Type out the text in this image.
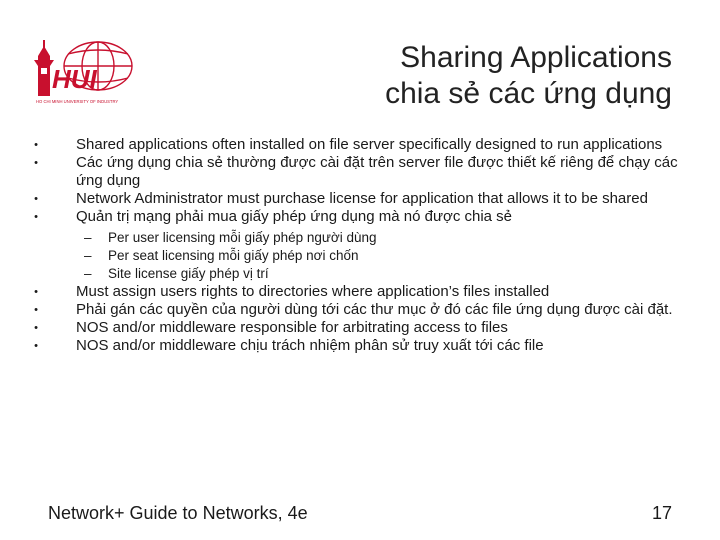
HUI
HO CHI MINH UNIVERSITY OF INDUSTRY
Sharing Applications
chia sẻ các ứng dụng
•	Shared applications often installed on file server specifically designed to run applications
•	Các ứng dụng chia sẻ thường được cài đặt trên server file được thiết kế riêng để chạy các ứng dụng
•	Network Administrator must purchase license for application that allows it to be shared
•	Quản trị mạng phải mua giấy phép ứng dụng mà nó được chia sẻ
– Per user licensing mỗi giấy phép người dùng
– Per seat licensing mỗi giấy phép nơi chốn
– Site license giấy phép vị trí
•	Must assign users rights to directories where application’s files installed
•	Phải gán các quyền của người dùng tới các thư mục ở đó các file ứng dụng được cài đặt.
•	NOS and/or middleware responsible for arbitrating access to files
•	NOS and/or middleware chịu trách nhiệm phân sử truy xuất tới các file
Network+ Guide to Networks, 4e	17
